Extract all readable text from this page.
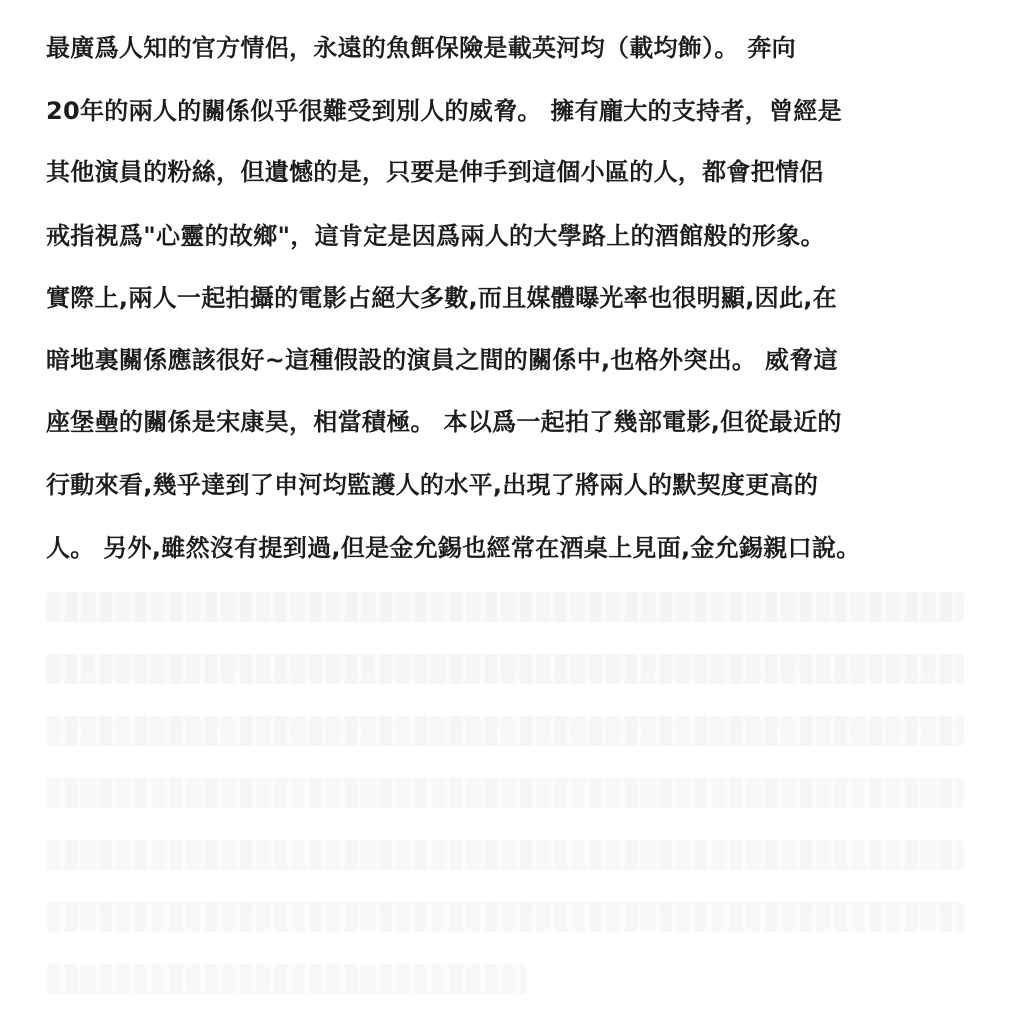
最廣爲人知的官方情侶，永遠的魚餌保險是載英河均（載均飾）。 奔向
20年的兩人的關係似乎很難受到別人的威脅。 擁有龐大的支持者，曾經是
其他演員的粉絲，但遺憾的是，只要是伸手到這個小區的人，都會把情侶
戒指視爲"心靈的故鄉"，這肯定是因爲兩人的大學路上的酒館般的形象。
實際上,兩人一起拍攝的電影占絕大多數,而且媒體曝光率也很明顯,因此,在
暗地裏關係應該很好~這種假設的演員之間的關係中,也格外突出。 威脅這
座堡壘的關係是宋康昊，相當積極。 本以爲一起拍了幾部電影,但從最近的
行動來看,幾乎達到了申河均監護人的水平,出現了將兩人的默契度更高的
人。 另外,雖然沒有提到過,但是金允錫也經常在酒桌上見面,金允錫親口說。
